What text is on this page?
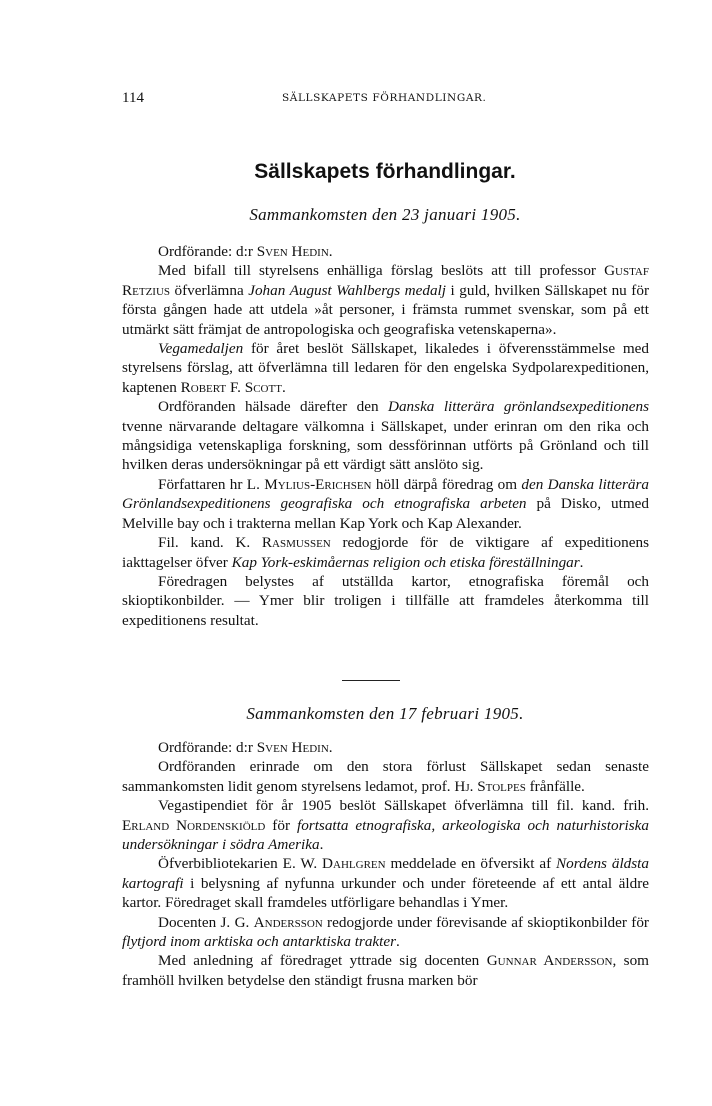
114	SÄLLSKAPETS FÖRHANDLINGAR.
Sällskapets förhandlingar.
Sammankomsten den 23 januari 1905.

Ordförande: d:r Sven Hedin.

Med bifall till styrelsens enhälliga förslag beslöts att till professor Gustaf Retzius öfverlämna Johan August Wahlbergs medalj i guld, hvilken Sällskapet nu för första gången hade att utdela »åt personer, i främsta rummet svenskar, som på ett utmärkt sätt främjat de antropologiska och geografiska vetenskaperna».

Vegamedaljen för året beslöt Sällskapet, likaledes i öfverensstämmelse med styrelsens förslag, att öfverlämna till ledaren för den engelska Sydpolarexpeditionen, kaptenen Robert F. Scott.

Ordföranden hälsade därefter den Danska litterära grönlandsexpeditionens tvenne närvarande deltagare välkomna i Sällskapet, under erinran om den rika och mångsidiga vetenskapliga forskning, som dessförinnan utförts på Grönland och till hvilken deras undersökningar på ett värdigt sätt anslöto sig.

Författaren hr L. Mylius-Erichsen höll därpå föredrag om den Danska litterära Grönlandsexpeditionens geografiska och etnografiska arbeten på Disko, utmed Melville bay och i trakterna mellan Kap York och Kap Alexander.

Fil. kand. K. Rasmussen redogjorde för de viktigare af expeditionens iakttagelser öfver Kap York-eskimåernas religion och etiska föreställningar.

Föredragen belystes af utställda kartor, etnografiska föremål och skioptikonbilder. — Ymer blir troligen i tillfälle att framdeles återkomma till expeditionens resultat.

Sammankomsten den 17 februari 1905.

Ordförande: d:r Sven Hedin.

Ordföranden erinrade om den stora förlust Sällskapet sedan senaste sammankomsten lidit genom styrelsens ledamot, prof. Hj. Stolpes frånfälle.

Vegastipendiet för år 1905 beslöt Sällskapet öfverlämna till fil. kand. frih. Erland Nordenskiöld för fortsatta etnografiska, arkeologiska och naturhistoriska undersökningar i södra Amerika.

Öfverbibliotekarien E. W. Dahlgren meddelade en öfversikt af Nordens äldsta kartografi i belysning af nyfunna urkunder och under företeende af ett antal äldre kartor. Föredraget skall framdeles utförligare behandlas i Ymer.

Docenten J. G. Andersson redogjorde under förevisande af skioptikonbilder för flytjord inom arktiska och antarktiska trakter.

Med anledning af föredraget yttrade sig docenten Gunnar Andersson, som framhöll hvilken betydelse den ständigt frusna marken bör
